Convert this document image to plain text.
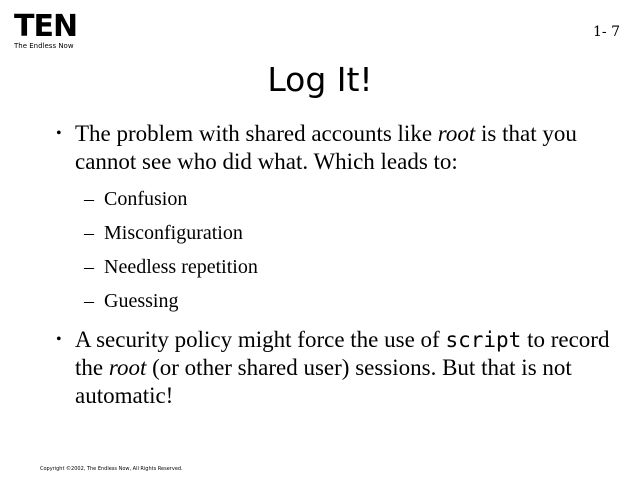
TEN
The Endless Now
1- 7
Log It!
• The problem with shared accounts like root is that you cannot see who did what. Which leads to:
– Confusion
– Misconfiguration
– Needless repetition
– Guessing
• A security policy might force the use of script to record the root (or other shared user) sessions. But that is not automatic!
Copyright ©2002, The Endless Now, All Rights Reserved.
